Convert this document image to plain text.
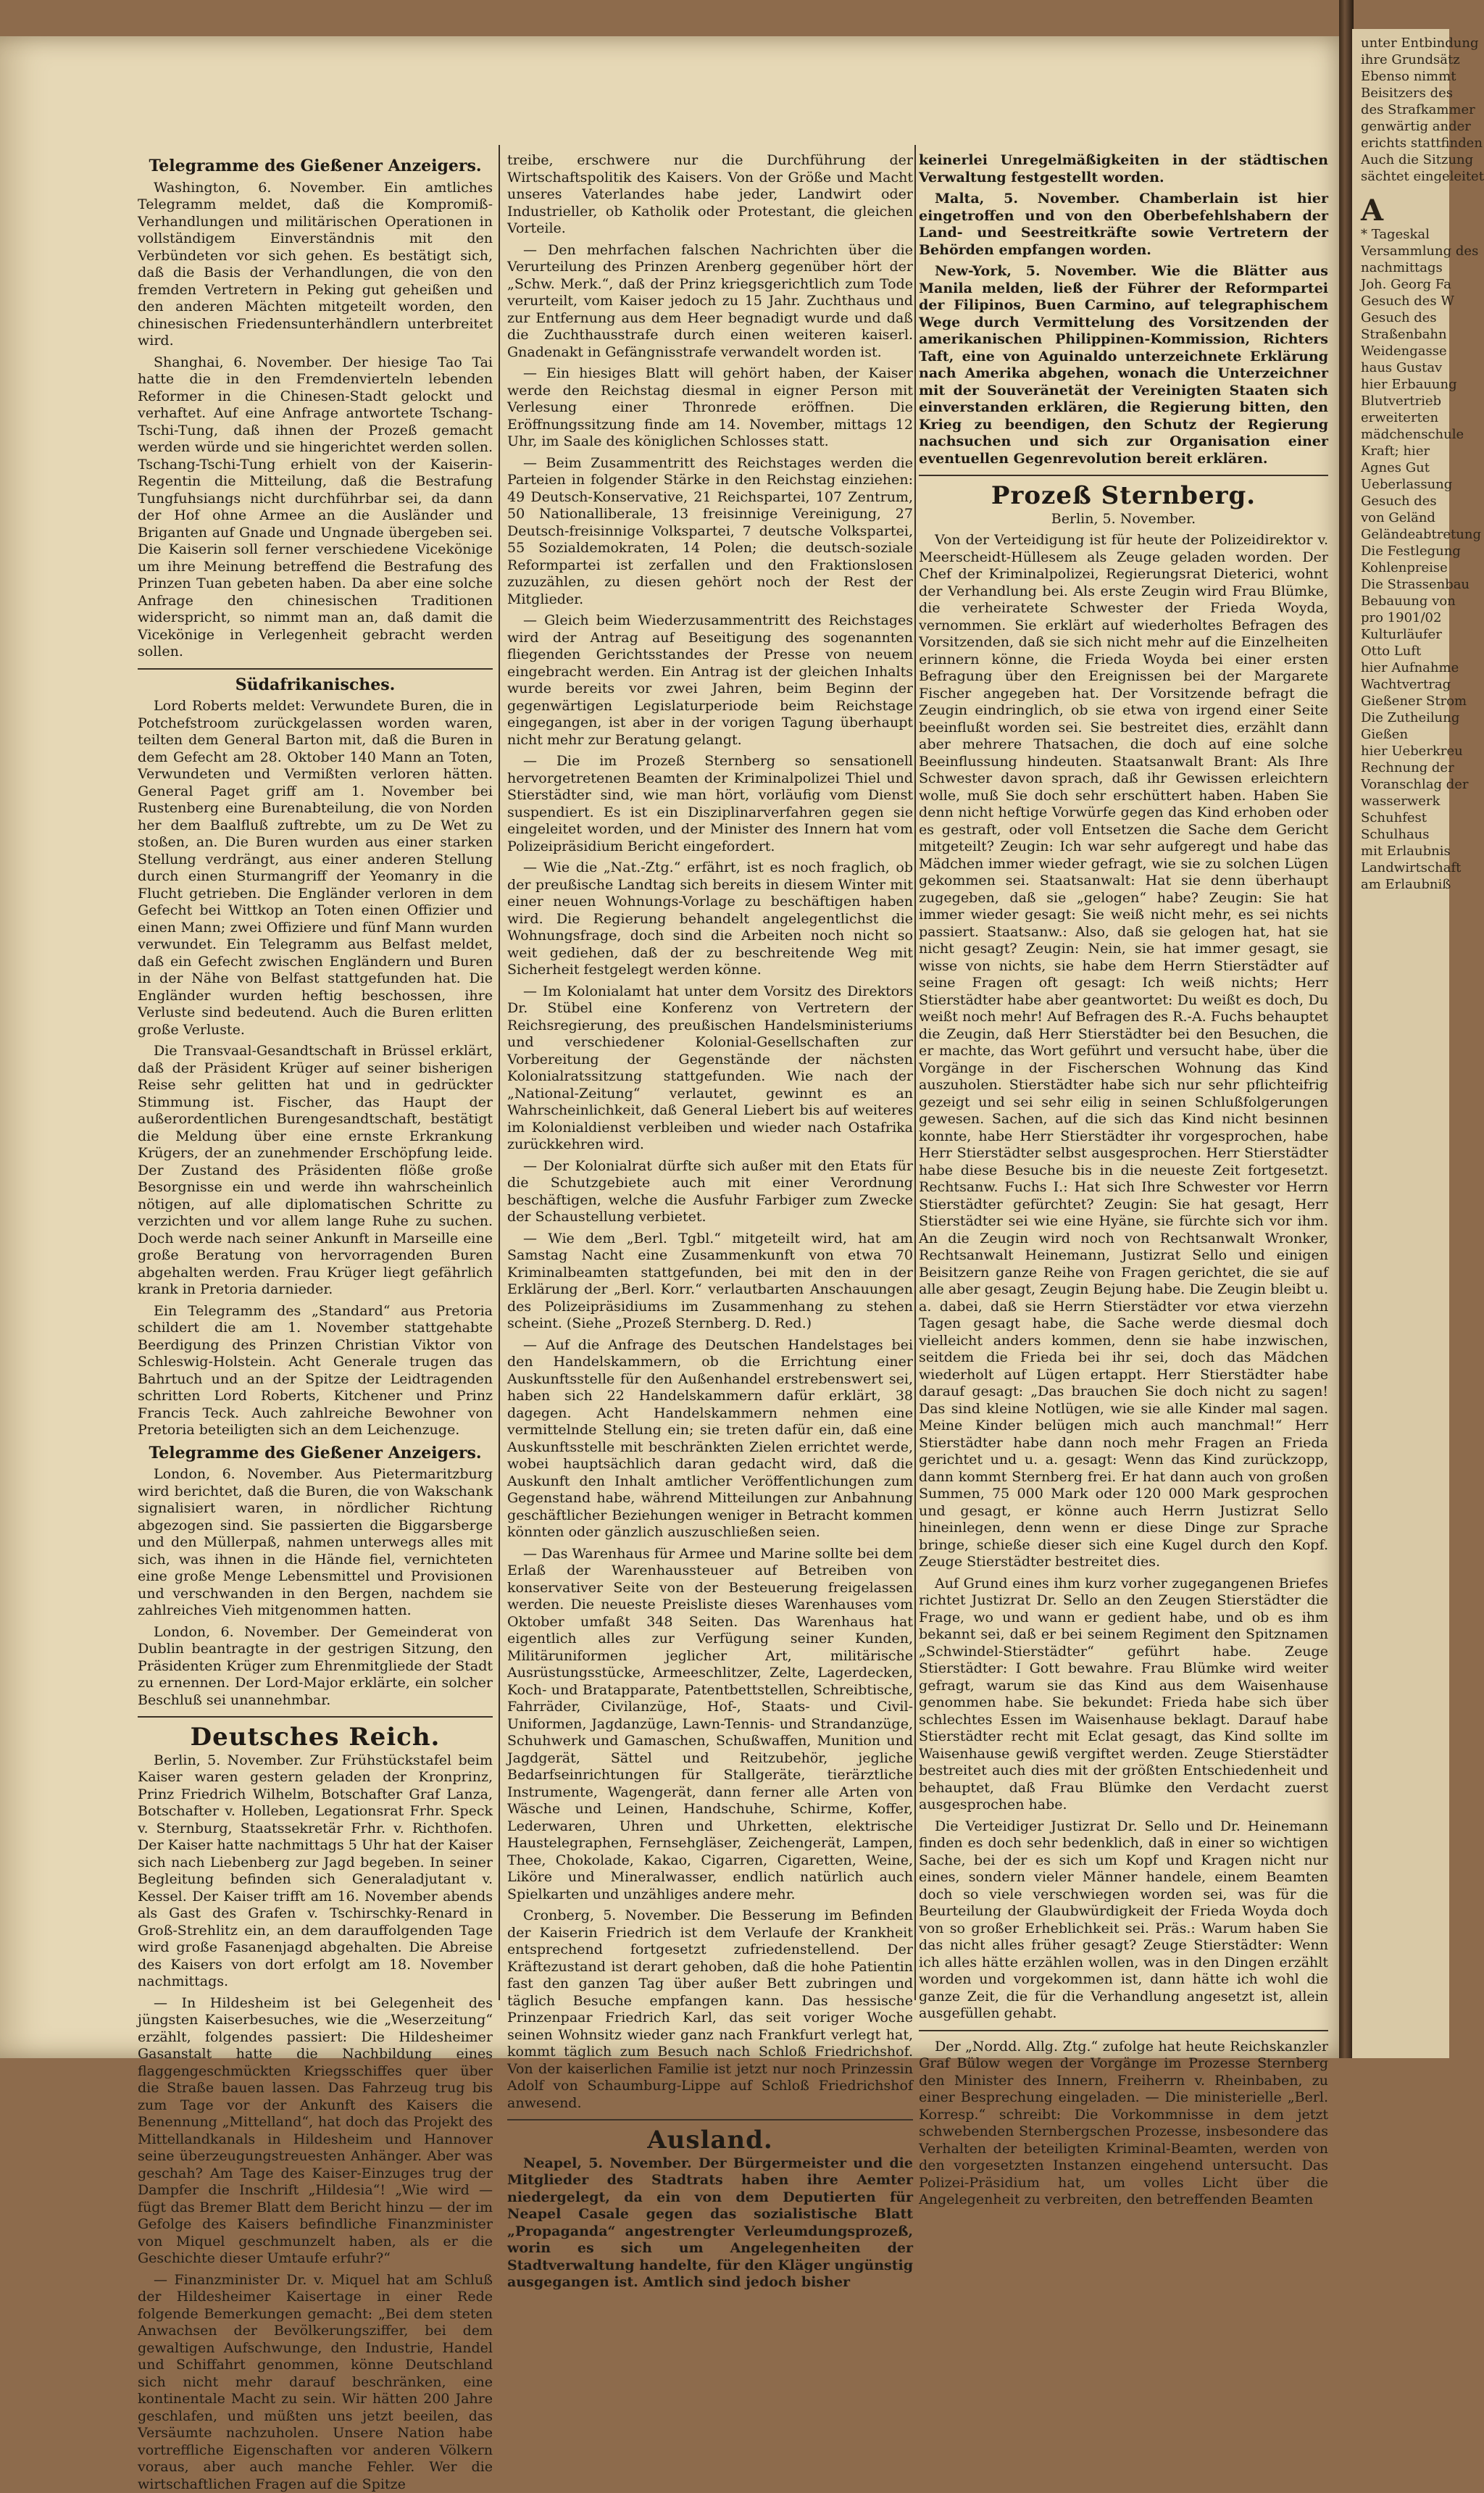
Telegramme des Gießener Anzeigers.

Washington, 6. November. Ein amtliches Telegramm meldet, daß die Kompromiß-Verhandlungen und militärischen Operationen in vollständigem Einverständnis mit den Verbündeten vor sich gehen. Es bestätigt sich, daß die Basis der Verhandlungen, die von den fremden Vertretern in Peking gut geheißen und den anderen Mächten mitgeteilt worden, den chinesischen Friedensunterhändlern unterbreitet wird.

Shanghai, 6. November. Der hiesige Tao Tai hatte die in den Fremdenvierteln lebenden Reformer in die Chinesen-Stadt gelockt und verhaftet. Auf eine Anfrage antwortete Tschang-Tschi-Tung, daß ihnen der Prozeß gemacht werden würde und sie hingerichtet werden sollen. Tschang-Tschi-Tung erhielt von der Kaiserin-Regentin die Mitteilung, daß die Bestrafung Tungfuhsiangs nicht durchführbar sei, da dann der Hof ohne Armee an die Ausländer und Briganten auf Gnade und Ungnade übergeben sei. Die Kaiserin soll ferner verschiedene Vicekönige um ihre Meinung betreffend die Bestrafung des Prinzen Tuan gebeten haben. Da aber eine solche Anfrage den chinesischen Traditionen widerspricht, so nimmt man an, daß damit die Vicekönige in Verlegenheit gebracht werden sollen.

Südafrikanisches.

Lord Roberts meldet: Verwundete Buren, die in Potchefstroom zurückgelassen worden waren, teilten dem General Barton mit, daß die Buren in dem Gefecht am 28. Oktober 140 Mann an Toten, Verwundeten und Vermißten verloren hätten. General Paget griff am 1. November bei Rustenberg eine Burenabteilung, die von Norden her dem Baalfluß zuftrebte, um zu De Wet zu stoßen, an. Die Buren wurden aus einer starken Stellung verdrängt, aus einer anderen Stellung durch einen Sturmangriff der Yeomanry in die Flucht getrieben. Die Engländer verloren in dem Gefecht bei Wittkop an Toten einen Offizier und einen Mann; zwei Offiziere und fünf Mann wurden verwundet. Ein Telegramm aus Belfast meldet, daß ein Gefecht zwischen Engländern und Buren in der Nähe von Belfast stattgefunden hat. Die Engländer wurden heftig beschossen, ihre Verluste sind bedeutend. Auch die Buren erlitten große Verluste.

Die Transvaal-Gesandtschaft in Brüssel erklärt, daß der Präsident Krüger auf seiner bisherigen Reise sehr gelitten hat und in gedrückter Stimmung ist. Fischer, das Haupt der außerordentlichen Burengesandtschaft, bestätigt die Meldung über eine ernste Erkrankung Krügers, der an zunehmender Erschöpfung leide. Der Zustand des Präsidenten flöße große Besorgnisse ein und werde ihn wahrscheinlich nötigen, auf alle diplomatischen Schritte zu verzichten und vor allem lange Ruhe zu suchen. Doch werde nach seiner Ankunft in Marseille eine große Beratung von hervorragenden Buren abgehalten werden. Frau Krüger liegt gefährlich krank in Pretoria darnieder.

Ein Telegramm des „Standard“ aus Pretoria schildert die am 1. November stattgehabte Beerdigung des Prinzen Christian Viktor von Schleswig-Holstein. Acht Generale trugen das Bahrtuch und an der Spitze der Leidtragenden schritten Lord Roberts, Kitchener und Prinz Francis Teck. Auch zahlreiche Bewohner von Pretoria beteiligten sich an dem Leichenzuge.

Telegramme des Gießener Anzeigers.

London, 6. November. Aus Pietermaritzburg wird berichtet, daß die Buren, die von Wakschank signalisiert waren, in nördlicher Richtung abgezogen sind. Sie passierten die Biggarsberge und den Müllerpaß, nahmen unterwegs alles mit sich, was ihnen in die Hände fiel, vernichteten eine große Menge Lebensmittel und Provisionen und verschwanden in den Bergen, nachdem sie zahlreiches Vieh mitgenommen hatten.

London, 6. November. Der Gemeinderat von Dublin beantragte in der gestrigen Sitzung, den Präsidenten Krüger zum Ehrenmitgliede der Stadt zu ernennen. Der Lord-Major erklärte, ein solcher Beschluß sei unannehmbar.

Deutsches Reich.

Berlin, 5. November. Zur Frühstückstafel beim Kaiser waren gestern geladen der Kronprinz, Prinz Friedrich Wilhelm, Botschafter Graf Lanza, Botschafter v. Holleben, Legationsrat Frhr. Speck v. Sternburg, Staatssekretär Frhr. v. Richthofen. Der Kaiser hatte nachmittags 5 Uhr hat der Kaiser sich nach Liebenberg zur Jagd begeben. In seiner Begleitung befinden sich Generaladjutant v. Kessel. Der Kaiser trifft am 16. November abends als Gast des Grafen v. Tschirschky-Renard in Groß-Strehlitz ein, an dem darauffolgenden Tage wird große Fasanenjagd abgehalten. Die Abreise des Kaisers von dort erfolgt am 18. November nachmittags.

— In Hildesheim ist bei Gelegenheit des jüngsten Kaiserbesuches, wie die „Weserzeitung“ erzählt, folgendes passiert: Die Hildesheimer Gasanstalt hatte die Nachbildung eines flaggengeschmückten Kriegsschiffes quer über die Straße bauen lassen. Das Fahrzeug trug bis zum Tage vor der Ankunft des Kaisers die Benennung „Mittelland“, hat doch das Projekt des Mittellandkanals in Hildesheim und Hannover seine überzeugungstreuesten Anhänger. Aber was geschah? Am Tage des Kaiser-Einzuges trug der Dampfer die Inschrift „Hildesia“! „Wie wird — fügt das Bremer Blatt dem Bericht hinzu — der im Gefolge des Kaisers befindliche Finanzminister von Miquel geschmunzelt haben, als er die Geschichte dieser Umtaufe erfuhr?“

— Finanzminister Dr. v. Miquel hat am Schluß der Hildesheimer Kaisertage in einer Rede folgende Bemerkungen gemacht: „Bei dem steten Anwachsen der Bevölkerungsziffer, bei dem gewaltigen Aufschwunge, den Industrie, Handel und Schiffahrt genommen, könne Deutschland sich nicht mehr darauf beschränken, eine kontinentale Macht zu sein. Wir hätten 200 Jahre geschlafen, und müßten uns jetzt beeilen, das Versäumte nachzuholen. Unsere Nation habe vortreffliche Eigenschaften vor anderen Völkern voraus, aber auch manche Fehler. Wer die wirtschaftlichen Fragen auf die Spitze

treibe, erschwere nur die Durchführung der Wirtschaftspolitik des Kaisers. Von der Größe und Macht unseres Vaterlandes habe jeder, Landwirt oder Industrieller, ob Katholik oder Protestant, die gleichen Vorteile.

— Den mehrfachen falschen Nachrichten über die Verurteilung des Prinzen Arenberg gegenüber hört der „Schw. Merk.“, daß der Prinz kriegsgerichtlich zum Tode verurteilt, vom Kaiser jedoch zu 15 Jahr. Zuchthaus und zur Entfernung aus dem Heer begnadigt wurde und daß die Zuchthausstrafe durch einen weiteren kaiserl. Gnadenakt in Gefängnisstrafe verwandelt worden ist.

— Ein hiesiges Blatt will gehört haben, der Kaiser werde den Reichstag diesmal in eigner Person mit Verlesung einer Thronrede eröffnen. Die Eröffnungssitzung finde am 14. November, mittags 12 Uhr, im Saale des königlichen Schlosses statt.

— Beim Zusammentritt des Reichstages werden die Parteien in folgender Stärke in den Reichstag einziehen: 49 Deutsch-Konservative, 21 Reichspartei, 107 Zentrum, 50 Nationalliberale, 13 freisinnige Vereinigung, 27 Deutsch-freisinnige Volkspartei, 7 deutsche Volkspartei, 55 Sozialdemokraten, 14 Polen; die deutsch-soziale Reformpartei ist zerfallen und den Fraktionslosen zuzuzählen, zu diesen gehört noch der Rest der Mitglieder.

— Gleich beim Wiederzusammentritt des Reichstages wird der Antrag auf Beseitigung des sogenannten fliegenden Gerichtsstandes der Presse von neuem eingebracht werden. Ein Antrag ist der gleichen Inhalts wurde bereits vor zwei Jahren, beim Beginn der gegenwärtigen Legislaturperiode beim Reichstage eingegangen, ist aber in der vorigen Tagung überhaupt nicht mehr zur Beratung gelangt.

— Die im Prozeß Sternberg so sensationell hervorgetretenen Beamten der Kriminalpolizei Thiel und Stierstädter sind, wie man hört, vorläufig vom Dienst suspendiert. Es ist ein Disziplinarverfahren gegen sie eingeleitet worden, und der Minister des Innern hat vom Polizeipräsidium Bericht eingefordert.

— Wie die „Nat.-Ztg.“ erfährt, ist es noch fraglich, ob der preußische Landtag sich bereits in diesem Winter mit einer neuen Wohnungs-Vorlage zu beschäftigen haben wird. Die Regierung behandelt angelegentlichst die Wohnungsfrage, doch sind die Arbeiten noch nicht so weit gediehen, daß der zu beschreitende Weg mit Sicherheit festgelegt werden könne.

— Im Kolonialamt hat unter dem Vorsitz des Direktors Dr. Stübel eine Konferenz von Vertretern der Reichsregierung, des preußischen Handelsministeriums und verschiedener Kolonial-Gesellschaften zur Vorbereitung der Gegenstände der nächsten Kolonialratssitzung stattgefunden. Wie nach der „National-Zeitung“ verlautet, gewinnt es an Wahrscheinlichkeit, daß General Liebert bis auf weiteres im Kolonialdienst verbleiben und wieder nach Ostafrika zurückkehren wird.

— Der Kolonialrat dürfte sich außer mit den Etats für die Schutzgebiete auch mit einer Verordnung beschäftigen, welche die Ausfuhr Farbiger zum Zwecke der Schaustellung verbietet.

— Wie dem „Berl. Tgbl.“ mitgeteilt wird, hat am Samstag Nacht eine Zusammenkunft von etwa 70 Kriminalbeamten stattgefunden, bei mit den in der Erklärung der „Berl. Korr.“ verlautbarten Anschauungen des Polizeipräsidiums im Zusammenhang zu stehen scheint. (Siehe „Prozeß Sternberg. D. Red.)

— Auf die Anfrage des Deutschen Handelstages bei den Handelskammern, ob die Errichtung einer Auskunftsstelle für den Außenhandel erstrebenswert sei, haben sich 22 Handelskammern dafür erklärt, 38 dagegen. Acht Handelskammern nehmen eine vermittelnde Stellung ein; sie treten dafür ein, daß eine Auskunftsstelle mit beschränkten Zielen errichtet werde, wobei hauptsächlich daran gedacht wird, daß die Auskunft den Inhalt amtlicher Veröffentlichungen zum Gegenstand habe, während Mitteilungen zur Anbahnung geschäftlicher Beziehungen weniger in Betracht kommen könnten oder gänzlich auszuschließen seien.

— Das Warenhaus für Armee und Marine sollte bei dem Erlaß der Warenhaussteuer auf Betreiben von konservativer Seite von der Besteuerung freigelassen werden. Die neueste Preisliste dieses Warenhauses vom Oktober umfaßt 348 Seiten. Das Warenhaus hat eigentlich alles zur Verfügung seiner Kunden, Militäruniformen jeglicher Art, militärische Ausrüstungsstücke, Armeeschlitzer, Zelte, Lagerdecken, Koch- und Bratapparate, Patentbettstellen, Schreibtische, Fahrräder, Civilanzüge, Hof-, Staats- und Civil-Uniformen, Jagdanzüge, Lawn-Tennis- und Strandanzüge, Schuhwerk und Gamaschen, Schußwaffen, Munition und Jagdgerät, Sättel und Reitzubehör, jegliche Bedarfseinrichtungen für Stallgeräte, tierärztliche Instrumente, Wagengerät, dann ferner alle Arten von Wäsche und Leinen, Handschuhe, Schirme, Koffer, Lederwaren, Uhren und Uhrketten, elektrische Haustelegraphen, Fernsehgläser, Zeichengerät, Lampen, Thee, Chokolade, Kakao, Cigarren, Cigaretten, Weine, Liköre und Mineralwasser, endlich natürlich auch Spielkarten und unzähliges andere mehr.

Cronberg, 5. November. Die Besserung im Befinden der Kaiserin Friedrich ist dem Verlaufe der Krankheit entsprechend fortgesetzt zufriedenstellend. Der Kräftezustand ist derart gehoben, daß die hohe Patientin fast den ganzen Tag über außer Bett zubringen und täglich Besuche empfangen kann. Das hessische Prinzenpaar Friedrich Karl, das seit voriger Woche seinen Wohnsitz wieder ganz nach Frankfurt verlegt hat, kommt täglich zum Besuch nach Schloß Friedrichshof. Von der kaiserlichen Familie ist jetzt nur noch Prinzessin Adolf von Schaumburg-Lippe auf Schloß Friedrichshof anwesend.

Ausland.

Neapel, 5. November. Der Bürgermeister und die Mitglieder des Stadtrats haben ihre Aemter niedergelegt, da ein von dem Deputierten für Neapel Casale gegen das sozialistische Blatt „Propaganda“ angestrengter Verleumdungsprozeß, worin es sich um Angelegenheiten der Stadtverwaltung handelte, für den Kläger ungünstig ausgegangen ist. Amtlich sind jedoch bisher

keinerlei Unregelmäßigkeiten in der städtischen Verwaltung festgestellt worden.

Malta, 5. November. Chamberlain ist hier eingetroffen und von den Oberbefehlshabern der Land- und Seestreitkräfte sowie Vertretern der Behörden empfangen worden.

New-York, 5. November. Wie die Blätter aus Manila melden, ließ der Führer der Reformpartei der Filipinos, Buen Carmino, auf telegraphischem Wege durch Vermittelung des Vorsitzenden der amerikanischen Philippinen-Kommission, Richters Taft, eine von Aguinaldo unterzeichnete Erklärung nach Amerika abgehen, wonach die Unterzeichner mit der Souveränetät der Vereinigten Staaten sich einverstanden erklären, die Regierung bitten, den Krieg zu beendigen, den Schutz der Regierung nachsuchen und sich zur Organisation einer eventuellen Gegenrevolution bereit erklären.

Prozeß Sternberg.
Berlin, 5. November.

Von der Verteidigung ist für heute der Polizeidirektor v. Meerscheidt-Hüllesem als Zeuge geladen worden. Der Chef der Kriminalpolizei, Regierungsrat Dieterici, wohnt der Verhandlung bei. Als erste Zeugin wird Frau Blümke, die verheiratete Schwester der Frieda Woyda, vernommen. Sie erklärt auf wiederholtes Befragen des Vorsitzenden, daß sie sich nicht mehr auf die Einzelheiten erinnern könne, die Frieda Woyda bei einer ersten Befragung über den Ereignissen bei der Margarete Fischer angegeben hat. Der Vorsitzende befragt die Zeugin eindringlich, ob sie etwa von irgend einer Seite beeinflußt worden sei. Sie bestreitet dies, erzählt dann aber mehrere Thatsachen, die doch auf eine solche Beeinflussung hindeuten. Staatsanwalt Brant: Als Ihre Schwester davon sprach, daß ihr Gewissen erleichtern wolle, muß Sie doch sehr erschüttert haben. Haben Sie denn nicht heftige Vorwürfe gegen das Kind erhoben oder es gestraft, oder voll Entsetzen die Sache dem Gericht mitgeteilt? Zeugin: Ich war sehr aufgeregt und habe das Mädchen immer wieder gefragt, wie sie zu solchen Lügen gekommen sei. Staatsanwalt: Hat sie denn überhaupt zugegeben, daß sie „gelogen“ habe? Zeugin: Sie hat immer wieder gesagt: Sie weiß nicht mehr, es sei nichts passiert. Staatsanw.: Also, daß sie gelogen hat, hat sie nicht gesagt? Zeugin: Nein, sie hat immer gesagt, sie wisse von nichts, sie habe dem Herrn Stierstädter auf seine Fragen oft gesagt: Ich weiß nichts; Herr Stierstädter habe aber geantwortet: Du weißt es doch, Du weißt noch mehr! Auf Befragen des R.-A. Fuchs behauptet die Zeugin, daß Herr Stierstädter bei den Besuchen, die er machte, das Wort geführt und versucht habe, über die Vorgänge in der Fischerschen Wohnung das Kind auszuholen. Stierstädter habe sich nur sehr pflichteifrig gezeigt und sei sehr eilig in seinen Schlußfolgerungen gewesen. Sachen, auf die sich das Kind nicht besinnen konnte, habe Herr Stierstädter ihr vorgesprochen, habe Herr Stierstädter selbst ausgesprochen. Herr Stierstädter habe diese Besuche bis in die neueste Zeit fortgesetzt. Rechtsanw. Fuchs I.: Hat sich Ihre Schwester vor Herrn Stierstädter gefürchtet? Zeugin: Sie hat gesagt, Herr Stierstädter sei wie eine Hyäne, sie fürchte sich vor ihm. An die Zeugin wird noch von Rechtsanwalt Wronker, Rechtsanwalt Heinemann, Justizrat Sello und einigen Beisitzern ganze Reihe von Fragen gerichtet, die sie auf alle aber gesagt, Zeugin Bejung habe. Die Zeugin bleibt u. a. dabei, daß sie Herrn Stierstädter vor etwa vierzehn Tagen gesagt habe, die Sache werde diesmal doch vielleicht anders kommen, denn sie habe inzwischen, seitdem die Frieda bei ihr sei, doch das Mädchen wiederholt auf Lügen ertappt. Herr Stierstädter habe darauf gesagt: „Das brauchen Sie doch nicht zu sagen! Das sind kleine Notlügen, wie sie alle Kinder mal sagen. Meine Kinder belügen mich auch manchmal!“ Herr Stierstädter habe dann noch mehr Fragen an Frieda gerichtet und u. a. gesagt: Wenn das Kind zurückzopp, dann kommt Sternberg frei. Er hat dann auch von großen Summen, 75 000 Mark oder 120 000 Mark gesprochen und gesagt, er könne auch Herrn Justizrat Sello hineinlegen, denn wenn er diese Dinge zur Sprache bringe, schieße dieser sich eine Kugel durch den Kopf. Zeuge Stierstädter bestreitet dies.

Auf Grund eines ihm kurz vorher zugegangenen Briefes richtet Justizrat Dr. Sello an den Zeugen Stierstädter die Frage, wo und wann er gedient habe, und ob es ihm bekannt sei, daß er bei seinem Regiment den Spitznamen „Schwindel-Stierstädter“ geführt habe. Zeuge Stierstädter: I Gott bewahre. Frau Blümke wird weiter gefragt, warum sie das Kind aus dem Waisenhause genommen habe. Sie bekundet: Frieda habe sich über schlechtes Essen im Waisenhause beklagt. Darauf habe Stierstädter recht mit Eclat gesagt, das Kind sollte im Waisenhause gewiß vergiftet werden. Zeuge Stierstädter bestreitet auch dies mit der größten Entschiedenheit und behauptet, daß Frau Blümke den Verdacht zuerst ausgesprochen habe.

Die Verteidiger Justizrat Dr. Sello und Dr. Heinemann finden es doch sehr bedenklich, daß in einer so wichtigen Sache, bei der es sich um Kopf und Kragen nicht nur eines, sondern vieler Männer handele, einem Beamten doch so viele verschwiegen worden sei, was für die Beurteilung der Glaubwürdigkeit der Frieda Woyda doch von so großer Erheblichkeit sei. Präs.: Warum haben Sie das nicht alles früher gesagt? Zeuge Stierstädter: Wenn ich alles hätte erzählen wollen, was in den Dingen erzählt worden und vorgekommen ist, dann hätte ich wohl die ganze Zeit, die für die Verhandlung angesetzt ist, allein ausgefüllen gehabt.

Der „Nordd. Allg. Ztg.“ zufolge hat heute Reichskanzler Graf Bülow wegen der Vorgänge im Prozesse Sternberg den Minister des Innern, Freiherrn v. Rheinbaben, zu einer Besprechung eingeladen. — Die ministerielle „Berl. Korresp.“ schreibt: Die Vorkommnisse in dem jetzt schwebenden Sternbergschen Prozesse, insbesondere das Verhalten der beteiligten Kriminal-Beamten, werden von den vorgesetzten Instanzen eingehend untersucht. Das Polizei-Präsidium hat, um volles Licht über die Angelegenheit zu verbreiten, den betreffenden Beamten

unter Entbindung
ihre Grundsätz
Ebenso nimmt
Beisitzers des
des Strafkammer
genwärtig ander
erichts stattfinden
Auch die Sitzung
sächtet eingeleitet
A
* Tageskal
Versammlung des
nachmittags
Joh. Georg Fa
Gesuch des W
Gesuch des
Straßenbahn
Weidengasse
haus Gustav
hier Erbauung
Blutvertrieb
erweiterten
mädchenschule
Kraft; hier
Agnes Gut
Ueberlassung
Gesuch des
von Geländ
Geländeabtretung
Die Festlegung
Kohlenpreise
Die Strassenbau
Bebauung von
pro 1901/02
Kulturläufer
Otto Luft
hier Aufnahme
Wachtvertrag
Gießener Strom
Die Zutheilung
Gießen
hier Ueberkreu
Rechnung der
Voranschlag der
wasserwerk
Schuhfest
Schulhaus
mit Erlaubnis
Landwirtschaft
am Erlaubniß
